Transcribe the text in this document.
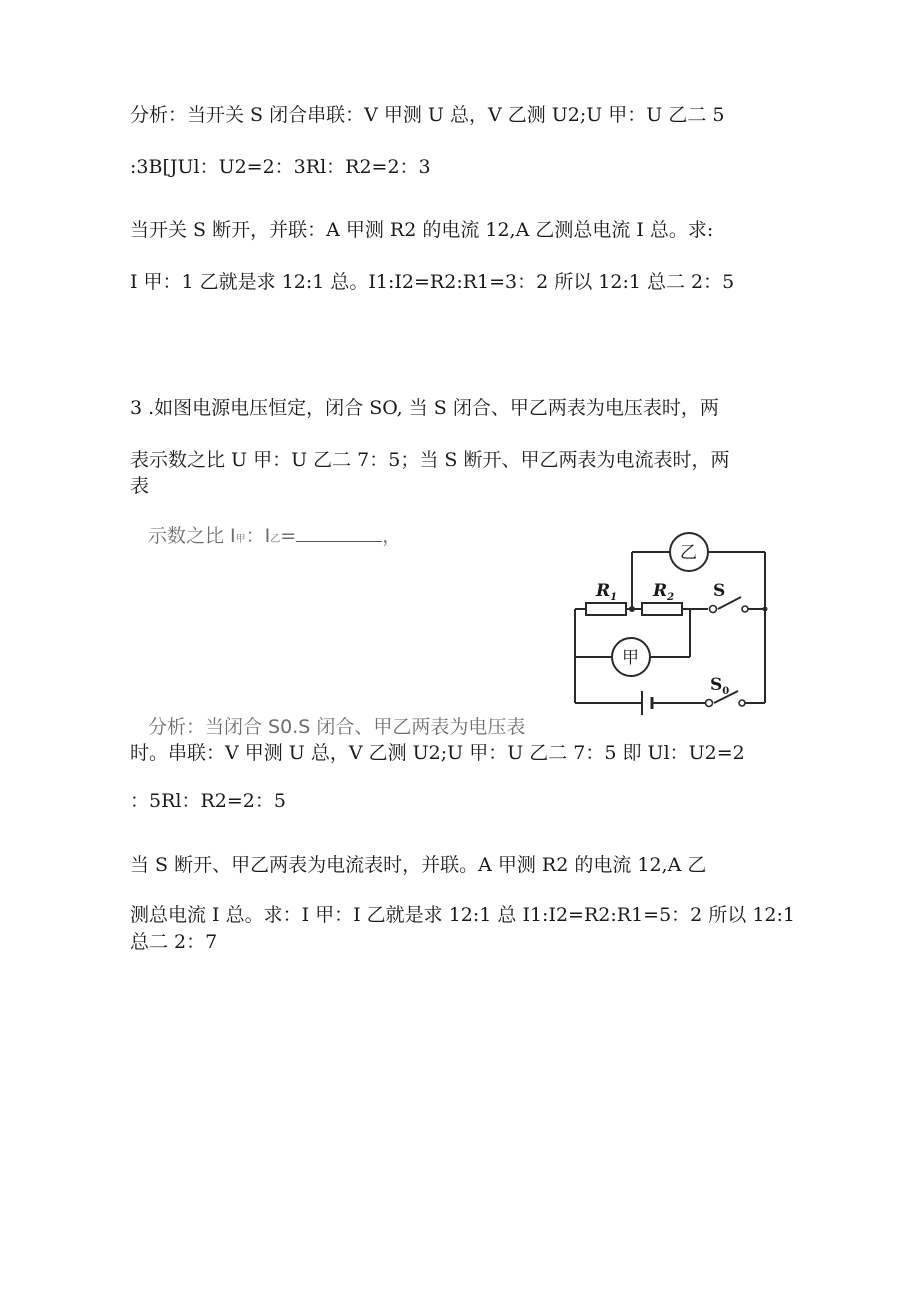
分析：当开关 S 闭合串联：V 甲测 U 总，V 乙测 U2;U 甲：U 乙二 5
:3B[JUl：U2=2：3Rl：R2=2：3
当开关 S 断开，并联：A 甲测 R2 的电流 12,A 乙测总电流 I 总。求:
I 甲：1 乙就是求 12:1 总。I1:I2=R2:R1=3：2 所以 12:1 总二 2：5
3 .如图电源电压恒定，闭合 SO, 当 S 闭合、甲乙两表为电压表时，两
表示数之比 U 甲：U 乙二 7：5；当 S 断开、甲乙两表为电流表时，两
表
示数之比 I甲：I乙=	，
$R_1$ $R_2$ S
$S_0$
乙
甲
分析：当闭合 S0.S 闭合、甲乙两表为电压表
时。串联：V 甲测 U 总，V 乙测 U2;U 甲：U 乙二 7：5 即 Ul：U2=2
：5Rl：R2=2：5
当 S 断开、甲乙两表为电流表时，并联。A 甲测 R2 的电流 12,A 乙
测总电流 I 总。求：I 甲：I 乙就是求 12:1 总 I1:I2=R2:R1=5：2 所以 12:1
总二 2：7
